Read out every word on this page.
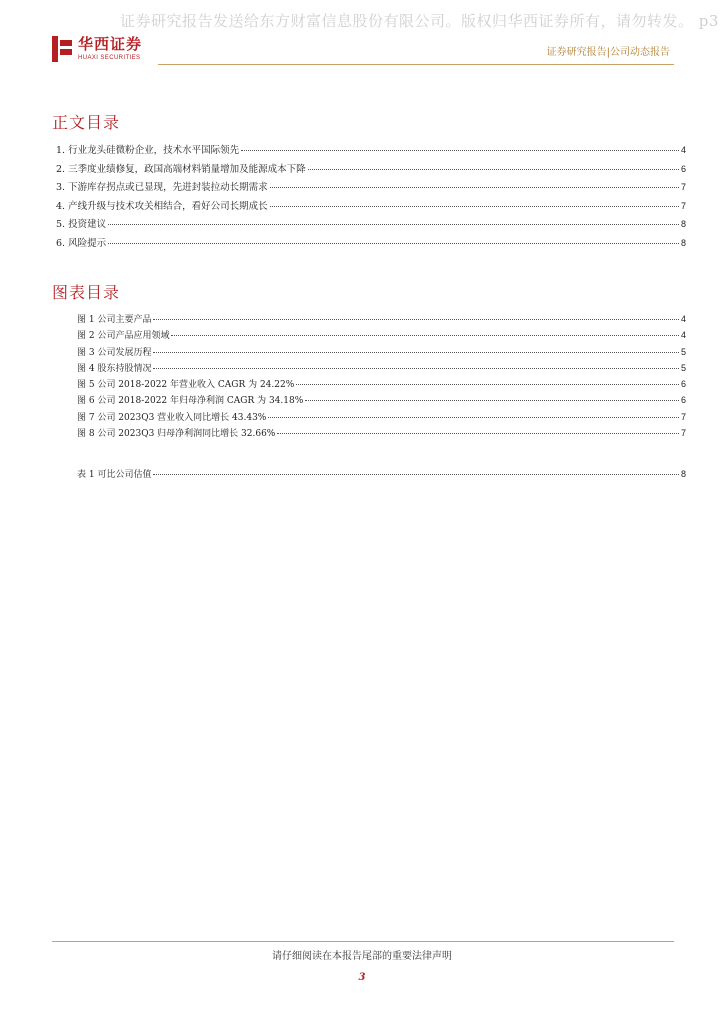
证券研究报告发送给东方财富信息股份有限公司。版权归华西证券所有，请勿转发。 p3
华西证券
HUAXI SECURITIES	证券研究报告|公司动态报告
正文目录
1. 行业龙头硅微粉企业，技术水平国际领先	4
2. 三季度业绩修复，政国高端材料销量增加及能源成本下降	6
3. 下游库存拐点或已显现，先进封装拉动长期需求	7
4. 产线升级与技术攻关相结合，看好公司长期成长	7
5. 投资建议	8
6. 风险提示	8
图表目录
图 1 公司主要产品	4
图 2 公司产品应用领域	4
图 3 公司发展历程	5
图 4 股东持股情况	5
图 5 公司 2018-2022 年营业收入 CAGR 为 24.22%	6
图 6 公司 2018-2022 年归母净利润 CAGR 为 34.18%	6
图 7 公司 2023Q3 营业收入同比增长 43.43%	7
图 8 公司 2023Q3 归母净利润同比增长 32.66%	7
表 1 可比公司估值	8
请仔细阅读在本报告尾部的重要法律声明
3
